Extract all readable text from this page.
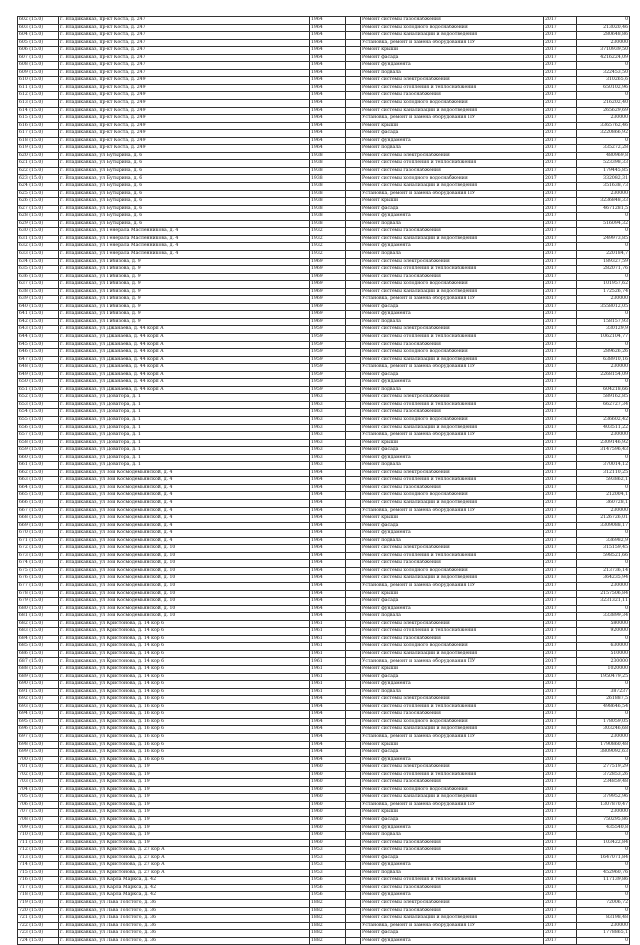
602 (15.0)	г. Владикавказ, пр-кт Коста, д. 247	1964		Ремонт системы газоснабжения	2017	0
603 (15.0)	г. Владикавказ, пр-кт Коста, д. 247	1964		Ремонт системы холодного водоснабжения	2017	213020,46
604 (15.0)	г. Владикавказ, пр-кт Коста, д. 247	1964		Ремонт системы канализации и водоотведения	2017	280648,86
605 (15.0)	г. Владикавказ, пр-кт Коста, д. 247	1964		Установка, ремонт и замена оборудования ПУ	2017	230000
606 (15.0)	г. Владикавказ, пр-кт Коста, д. 247	1964		Ремонт крыши	2017	3710939,50
607 (15.0)	г. Владикавказ, пр-кт Коста, д. 247	1964		Ремонт фасада	2017	4216224,09
608 (15.0)	г. Владикавказ, пр-кт Коста, д. 247	1964		Ремонт фундамента	2017	0
609 (15.0)	г. Владикавказ, пр-кт Коста, д. 247	1964		Ремонт подвала	2017	322453,50
610 (15.0)	г. Владикавказ, пр-кт Коста, д. 249	1964		Ремонт системы электроснабжения	2017	310265,6
611 (15.0)	г. Владикавказ, пр-кт Коста, д. 249	1964		Ремонт системы отопления и теплоснабжения	2017	650102,96
612 (15.0)	г. Владикавказ, пр-кт Коста, д. 249	1964		Ремонт системы газоснабжения	2017	0
613 (15.0)	г. Владикавказ, пр-кт Коста, д. 249	1964		Ремонт системы холодного водоснабжения	2017	216202,40
614 (15.0)	г. Владикавказ, пр-кт Коста, д. 249	1964		Ремонт системы канализации и водоотведения	2017	265629,69
615 (15.0)	г. Владикавказ, пр-кт Коста, д. 249	1964		Установка, ремонт и замена оборудования ПУ	2017	230000
616 (15.0)	г. Владикавказ, пр-кт Коста, д. 249	1964		Ремонт крыши	2017	3365762,46
617 (15.0)	г. Владикавказ, пр-кт Коста, д. 249	1964		Ремонт фасада	2017	3220866,92
618 (15.0)	г. Владикавказ, пр-кт Коста, д. 249	1964		Ремонт фундамента	2017	0
619 (15.0)	г. Владикавказ, пр-кт Коста, д. 249	1964		Ремонт подвала	2017	335272,28
620 (15.0)	г. Владикавказ, ул Бутырина, д. 6	1938		Ремонт системы электроснабжения	2017	480969,8
621 (15.0)	г. Владикавказ, ул Бутырина, д. 6	1938		Ремонт системы отопления и теплоснабжения	2017	523398,33
622 (15.0)	г. Владикавказ, ул Бутырина, д. 6	1938		Ремонт системы газоснабжения	2017	179445,85
623 (15.0)	г. Владикавказ, ул Бутырина, д. 6	1938		Ремонт системы холодного водоснабжения	2017	332082,31
624 (15.0)	г. Владикавказ, ул Бутырина, д. 6	1938		Ремонт системы канализации и водоотведения	2017	351638,73
625 (15.0)	г. Владикавказ, ул Бутырина, д. 6	1938		Установка, ремонт и замена оборудования ПУ	2017	230000
626 (15.0)	г. Владикавказ, ул Бутырина, д. 6	1938		Ремонт крыши	2017	3236848,33
627 (15.0)	г. Владикавказ, ул Бутырина, д. 6	1938		Ремонт фасада	2017	4671281,5
628 (15.0)	г. Владикавказ, ул Бутырина, д. 6	1938		Ремонт фундамента	2017	0
629 (15.0)	г. Владикавказ, ул Бутырина, д. 6	1938		Ремонт подвала	2017	516094,32
630 (15.0)	г. Владикавказ, ул Генерала Масленникова, д. 4	1932		Ремонт системы газоснабжения	2017	0
631 (15.0)	г. Владикавказ, ул Генерала Масленникова, д. 4	1932		Ремонт системы канализации и водоотведения	2017	249973,85
632 (15.0)	г. Владикавказ, ул Генерала Масленникова, д. 4	1932		Ремонт фундамента	2017	0
633 (15.0)	г. Владикавказ, ул Генерала Масленникова, д. 4	1932		Ремонт подвала	2017	220184,7
634 (15.0)	г. Владикавказ, ул Гибизова, д. 9	1969		Ремонт системы электроснабжения	2017	189327,59
635 (15.0)	г. Владикавказ, ул Гибизова, д. 9	1969		Ремонт системы отопления и теплоснабжения	2017	282071,76
636 (15.0)	г. Владикавказ, ул Гибизова, д. 9	1969		Ремонт системы газоснабжения	2017	0
637 (15.0)	г. Владикавказ, ул Гибизова, д. 9	1969		Ремонт системы холодного водоснабжения	2017	101957,62
638 (15.0)	г. Владикавказ, ул Гибизова, д. 9	1969		Ремонт системы канализации и водоотведения	2017	172526,74
639 (15.0)	г. Владикавказ, ул Гибизова, д. 9	1969		Установка, ремонт и замена оборудования ПУ	2017	230000
640 (15.0)	г. Владикавказ, ул Гибизова, д. 9	1969		Ремонт фасада	2017	3558012,05
641 (15.0)	г. Владикавказ, ул Гибизова, д. 9	1969		Ремонт фундамента	2017	0
642 (15.0)	г. Владикавказ, ул Гибизова, д. 9	1969		Ремонт подвала	2017	158157,93
643 (15.0)	г. Владикавказ, ул Джанаева, д. 44 корп А	1959		Ремонт системы электроснабжения	2017	330129,9
644 (15.0)	г. Владикавказ, ул Джанаева, д. 44 корп А	1959		Ремонт системы отопления и теплоснабжения	2017	1062104,77
645 (15.0)	г. Владикавказ, ул Джанаева, д. 44 корп А	1959		Ремонт системы газоснабжения	2017	0
646 (15.0)	г. Владикавказ, ул Джанаева, д. 44 корп А	1959		Ремонт системы холодного водоснабжения	2017	289626,26
647 (15.0)	г. Владикавказ, ул Джанаева, д. 44 корп А	1959		Ремонт системы канализации и водоотведения	2017	638910,16
648 (15.0)	г. Владикавказ, ул Джанаева, д. 44 корп А	1959		Установка, ремонт и замена оборудования ПУ	2017	230000
649 (15.0)	г. Владикавказ, ул Джанаева, д. 44 корп А	1959		Ремонт фасада	2017	2268154,09
650 (15.0)	г. Владикавказ, ул Джанаева, д. 44 корп А	1959		Ремонт фундамента	2017	0
651 (15.0)	г. Владикавказ, ул Джанаева, д. 44 корп А	1959		Ремонт подвала	2017	604218,66
652 (15.0)	г. Владикавказ, ул Доватора, д. 1	1963		Ремонт системы электроснабжения	2017	589162,85
653 (15.0)	г. Владикавказ, ул Доватора, д. 1	1963		Ремонт системы отопления и теплоснабжения	2017	662727,34
654 (15.0)	г. Владикавказ, ул Доватора, д. 1	1963		Ремонт системы газоснабжения	2017	0
655 (15.0)	г. Владикавказ, ул Доватора, д. 1	1963		Ремонт системы холодного водоснабжения	2017	236602,42
656 (15.0)	г. Владикавказ, ул Доватора, д. 1	1963		Ремонт системы канализации и водоотведения	2017	403511,22
657 (15.0)	г. Владикавказ, ул Доватора, д. 1	1963		Установка, ремонт и замена оборудования ПУ	2017	230000
658 (15.0)	г. Владикавказ, ул Доватора, д. 1	1963		Ремонт крыши	2017	2309146,92
659 (15.0)	г. Владикавказ, ул Доватора, д. 1	1963		Ремонт фасада	2017	3147596,43
660 (15.0)	г. Владикавказ, ул Доватора, д. 1	1963		Ремонт фундамента	2017	0
661 (15.0)	г. Владикавказ, ул Доватора, д. 1	1963		Ремонт подвала	2017	370014,12
662 (15.0)	г. Владикавказ, ул Зои Космодемьянской, д. 4	1964		Ремонт системы электроснабжения	2017	312110,25
663 (15.0)	г. Владикавказ, ул Зои Космодемьянской, д. 4	1964		Ремонт системы отопления и теплоснабжения	2017	593862,1
664 (15.0)	г. Владикавказ, ул Зои Космодемьянской, д. 4	1964		Ремонт системы газоснабжения	2017	0
665 (15.0)	г. Владикавказ, ул Зои Космодемьянской, д. 4	1964		Ремонт системы холодного водоснабжения	2017	212004,1
666 (15.0)	г. Владикавказ, ул Зои Космодемьянской, д. 4	1964		Ремонт системы канализации и водоотведения	2017	360728,1
667 (15.0)	г. Владикавказ, ул Зои Космодемьянской, д. 4	1964		Установка, ремонт и замена оборудования ПУ	2017	230000
668 (15.0)	г. Владикавказ, ул Зои Космодемьянской, д. 4	1964		Ремонт крыши	2017	2126726,01
669 (15.0)	г. Владикавказ, ул Зои Космодемьянской, д. 4	1964		Ремонт фасада	2017	3309088,17
670 (15.0)	г. Владикавказ, ул Зои Космодемьянской, д. 4	1964		Ремонт фундамента	2017	0
671 (15.0)	г. Владикавказ, ул Зои Космодемьянской, д. 4	1964		Ремонт подвала	2017	336982,9
672 (15.0)	г. Владикавказ, ул Зои Космодемьянской, д. 10	1964		Ремонт системы электроснабжения	2017	315159,45
673 (15.0)	г. Владикавказ, ул Зои Космодемьянской, д. 10	1964		Ремонт системы отопления и теплоснабжения	2017	598521,66
674 (15.0)	г. Владикавказ, ул Зои Космодемьянской, д. 10	1964		Ремонт системы газоснабжения	2017	0
675 (15.0)	г. Владикавказ, ул Зои Космодемьянской, д. 10	1964		Ремонт системы холодного водоснабжения	2017	213736,14
676 (15.0)	г. Владикавказ, ул Зои Космодемьянской, д. 10	1964		Ремонт системы канализации и водоотведения	2017	364235,94
677 (15.0)	г. Владикавказ, ул Зои Космодемьянской, д. 10	1964		Установка, ремонт и замена оборудования ПУ	2017	230000
678 (15.0)	г. Владикавказ, ул Зои Космодемьянской, д. 10	1964		Ремонт крыши	2017	2157506,84
679 (15.0)	г. Владикавказ, ул Зои Космодемьянской, д. 10	1964		Ремонт фасада	2017	3231321,11
680 (15.0)	г. Владикавказ, ул Зои Космодемьянской, д. 10	1964		Ремонт фундамента	2017	0
681 (15.0)	г. Владикавказ, ул Зои Космодемьянской, д. 10	1964		Ремонт подвала	2017	333899,34
682 (15.0)	г. Владикавказ, ул Кристонова, д. 14 кор 6	1961		Ремонт системы электроснабжения	2017	580000
683 (15.0)	г. Владикавказ, ул Кристонова, д. 14 кор 6	1961		Ремонт системы отопления и теплоснабжения	2017	920000
684 (15.0)	г. Владикавказ, ул Кристонова, д. 14 кор 6	1961		Ремонт системы газоснабжения	2017	0
685 (15.0)	г. Владикавказ, ул Кристонова, д. 14 кор 6	1961		Ремонт системы холодного водоснабжения	2017	630000
686 (15.0)	г. Владикавказ, ул Кристонова, д. 14 кор 6	1961		Ремонт системы канализации и водоотведения	2017	510000
687 (15.0)	г. Владикавказ, ул Кристонова, д. 14 кор 6	1961		Установка, ремонт и замена оборудования ПУ	2017	230000
688 (15.0)	г. Владикавказ, ул Кристонова, д. 14 кор 6	1961		Ремонт крыши	2017	1020000
689 (15.0)	г. Владикавказ, ул Кристонова, д. 14 кор 6	1961		Ремонт фасада	2017	1950479,25
690 (15.0)	г. Владикавказ, ул Кристонова, д. 14 кор 6	1961		Ремонт фундамента	2017	0
691 (15.0)	г. Владикавказ, ул Кристонова, д. 14 кор 6	1961		Ремонт подвала	2017	387237
692 (15.0)	г. Владикавказ, ул Кристонова, д. 16 кор 6	1964		Ремонт системы электроснабжения	2017	261887,5
693 (15.0)	г. Владикавказ, ул Кристонова, д. 16 кор 6	1964		Ремонт системы отопления и теплоснабжения	2017	498646,54
694 (15.0)	г. Владикавказ, ул Кристонова, д. 16 кор 6	1964		Ремонт системы газоснабжения	2017	0
695 (15.0)	г. Владикавказ, ул Кристонова, д. 16 кор 6	1964		Ремонт системы холодного водоснабжения	2017	178059,05
696 (15.0)	г. Владикавказ, ул Кристонова, д. 16 кор 6	1964		Ремонт системы канализации и водоотведения	2017	303246,68
697 (15.0)	г. Владикавказ, ул Кристонова, д. 16 кор 6	1964		Установка, ремонт и замена оборудования ПУ	2017	230000
698 (15.0)	г. Владикавказ, ул Кристонова, д. 16 кор 6	1964		Ремонт крыши	2017	1790860,48
699 (15.0)	г. Владикавказ, ул Кристонова, д. 16 кор 6	1964		Ремонт фасада	2017	3809092,63
700 (15.0)	г. Владикавказ, ул Кристонова, д. 16 кор 6	1964		Ремонт фундамента	2017	0
701 (15.0)	г. Владикавказ, ул Кристонова, д. 19	1960		Ремонт системы электроснабжения	2017	277519,29
702 (15.0)	г. Владикавказ, ул Кристонова, д. 19	1960		Ремонт системы отопления и теплоснабжения	2017	372853,26
703 (15.0)	г. Владикавказ, ул Кристонова, д. 19	1960		Ремонт системы газоснабжения	2017	234859,48
704 (15.0)	г. Владикавказ, ул Кристонова, д. 19	1960		Ремонт системы холодного водоснабжения	2017	0
705 (15.0)	г. Владикавказ, ул Кристонова, д. 19	1960		Ремонт системы канализации и водоотведения	2017	379952,96
706 (15.0)	г. Владикавказ, ул Кристонова, д. 19	1960		Установка, ремонт и замена оборудования ПУ	2017	1307870,47
707 (15.0)	г. Владикавказ, ул Кристонова, д. 19	1960		Ремонт крыши	2017	230000
708 (15.0)	г. Владикавказ, ул Кристонова, д. 19	1960		Ремонт фасада	2017	750295,86
709 (15.0)	г. Владикавказ, ул Кристонова, д. 19	1960		Ремонт фундамента	2017	435540,8
710 (15.0)	г. Владикавказ, ул Кристонова, д. 19	1960		Ремонт подвала	2017	0
711 (15.0)	г. Владикавказ, ул Кристонова, д. 19	1960		Ремонт системы газоснабжения	2017	103422,84
712 (15.0)	г. Владикавказ, ул Кристонова, д. 27 кор А	1953		Ремонт системы газоснабжения	2017	0
713 (15.0)	г. Владикавказ, ул Кристонова, д. 27 кор А	1953		Ремонт фасада	2017	1647071,84
714 (15.0)	г. Владикавказ, ул Кристонова, д. 27 кор А	1953		Ремонт фундамента	2017	0
715 (15.0)	г. Владикавказ, ул Кристонова, д. 27 кор А	1953		Ремонт подвала	2017	452960,76
716 (15.0)	г. Владикавказ, ул Карла Маркса, д. 42	1956		Ремонт системы отопления и теплоснабжения	2017	117139,86
717 (15.0)	г. Владикавказ, ул Карла Маркса, д. 42	1956		Ремонт системы газоснабжения	2017	0
718 (15.0)	г. Владикавказ, ул Карла Маркса, д. 42	1956		Ремонт фундамента	2017	0
719 (15.0)	г. Владикавказ, ул Льва Толстого, д. 36	1882		Ремонт системы электроснабжения	2017	72006,72
720 (15.0)	г. Владикавказ, ул Льва Толстого, д. 36	1882		Ремонт системы газоснабжения	2017	0
721 (15.0)	г. Владикавказ, ул Льва Толстого, д. 36	1882		Ремонт системы канализации и водоотведения	2017	83198,48
722 (15.0)	г. Владикавказ, ул Льва Толстого, д. 36	1882		Установка, ремонт и замена оборудования ПУ	2017	230000
723 (15.0)	г. Владикавказ, ул Льва Толстого, д. 36	1882		Ремонт фасада	2017	1778865,1
724 (15.0)	г. Владикавказ, ул Льва Толстого, д. 36	1882		Ремонт фундамента	2017	0
